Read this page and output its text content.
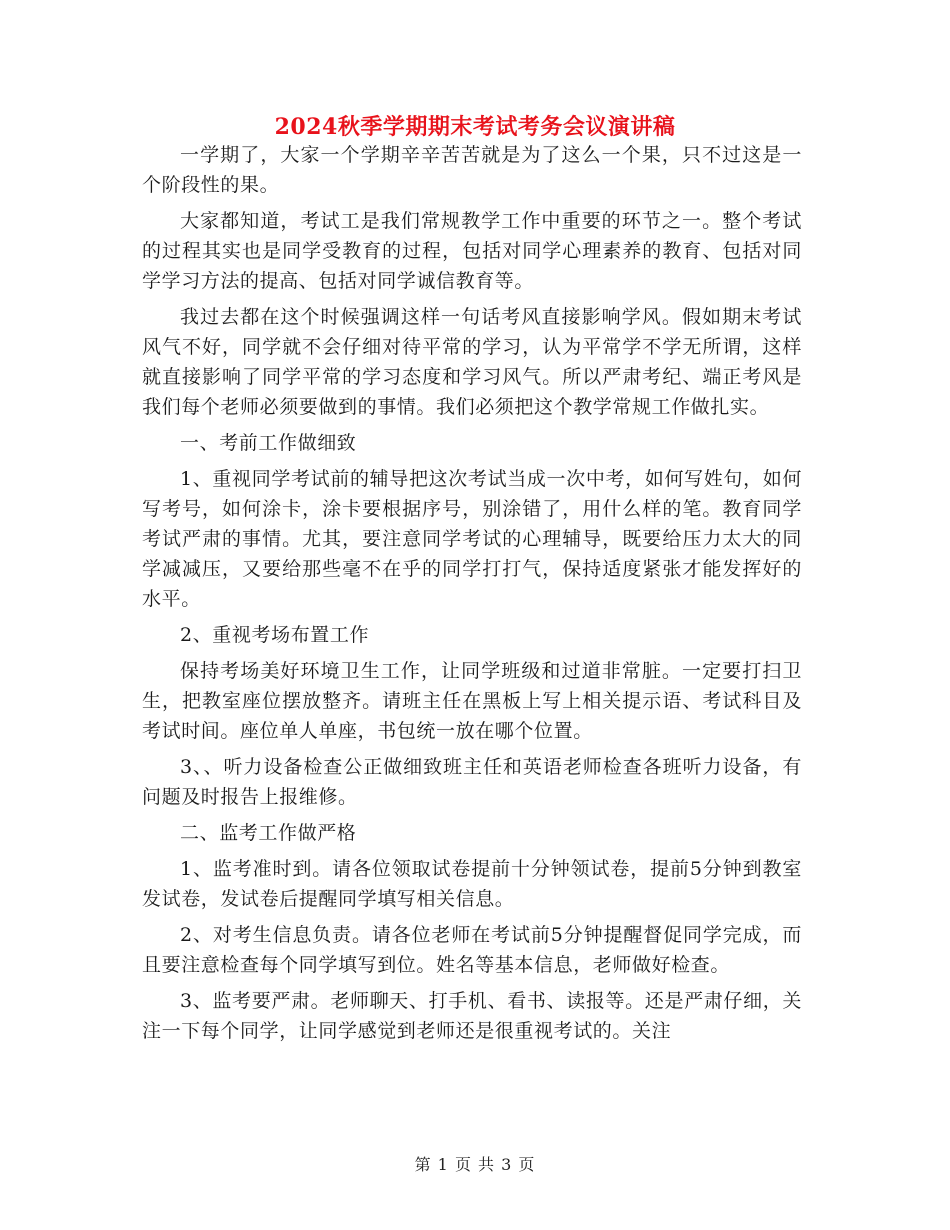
2024秋季学期期末考试考务会议演讲稿

一学期了，大家一个学期辛辛苦苦就是为了这么一个果，只不过这是一个阶段性的果。

大家都知道，考试工是我们常规教学工作中重要的环节之一。整个考试的过程其实也是同学受教育的过程，包括对同学心理素养的教育、包括对同学学习方法的提高、包括对同学诚信教育等。

我过去都在这个时候强调这样一句话考风直接影响学风。假如期末考试风气不好，同学就不会仔细对待平常的学习，认为平常学不学无所谓，这样就直接影响了同学平常的学习态度和学习风气。所以严肃考纪、端正考风是我们每个老师必须要做到的事情。我们必须把这个教学常规工作做扎实。

一、考前工作做细致

1、重视同学考试前的辅导把这次考试当成一次中考，如何写姓句，如何写考号，如何涂卡，涂卡要根据序号，别涂错了，用什么样的笔。教育同学考试严肃的事情。尤其，要注意同学考试的心理辅导，既要给压力太大的同学减减压，又要给那些毫不在乎的同学打打气，保持适度紧张才能发挥好的水平。

2、重视考场布置工作

保持考场美好环境卫生工作，让同学班级和过道非常脏。一定要打扫卫生，把教室座位摆放整齐。请班主任在黑板上写上相关提示语、考试科目及考试时间。座位单人单座，书包统一放在哪个位置。

3、、听力设备检查公正做细致班主任和英语老师检查各班听力设备，有问题及时报告上报维修。

二、监考工作做严格

1、监考准时到。请各位领取试卷提前十分钟领试卷，提前5分钟到教室发试卷，发试卷后提醒同学填写相关信息。

2、对考生信息负责。请各位老师在考试前5分钟提醒督促同学完成，而且要注意检查每个同学填写到位。姓名等基本信息，老师做好检查。

3、监考要严肃。老师聊天、打手机、看书、读报等。还是严肃仔细，关注一下每个同学，让同学感觉到老师还是很重视考试的。关注

第 1 页 共 3 页
